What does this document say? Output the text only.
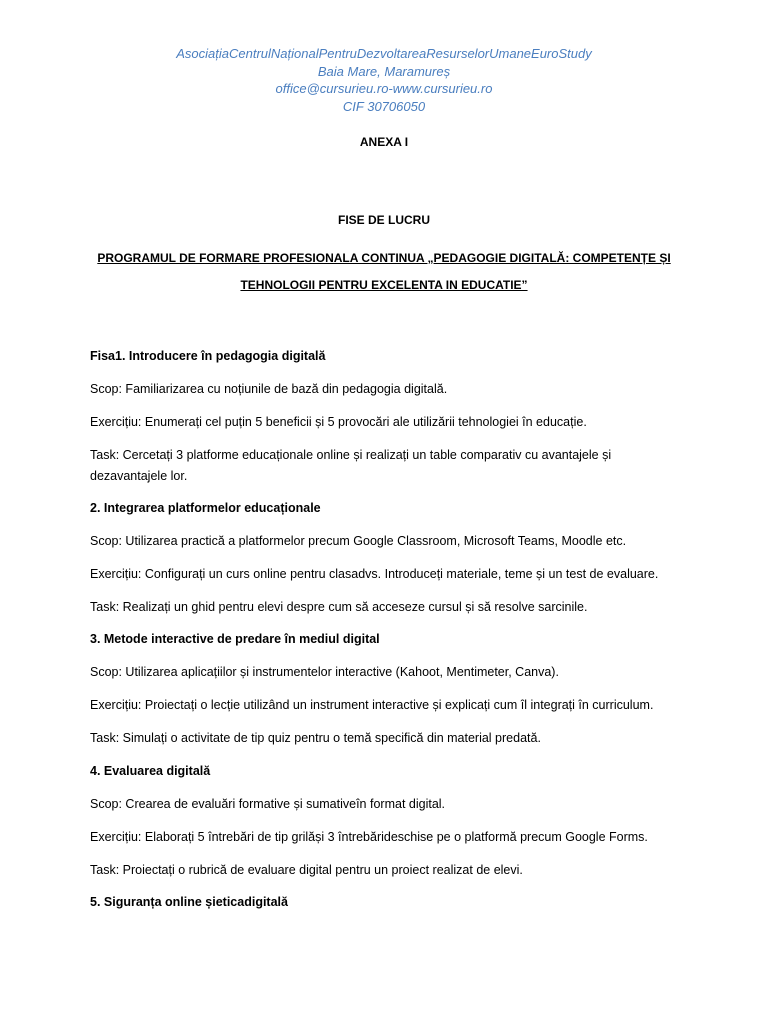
AsociațiaCentrulNaționalPentruDezvoltareaResurselorUmaneEuroStudy
Baia Mare, Maramureș
office@cursurieu.ro-www.cursurieu.ro
CIF 30706050
ANEXA I
FISE DE LUCRU
PROGRAMUL DE FORMARE PROFESIONALA CONTINUA „PEDAGOGIE DIGITALĂ: COMPETENȚE ȘI
TEHNOLOGII PENTRU EXCELENTA IN EDUCATIE”
Fisa1. Introducere în pedagogia digitală
Scop: Familiarizarea cu noțiunile de bază din pedagogia digitală.
Exercițiu: Enumerați cel puțin 5 beneficii și 5 provocări ale utilizării tehnologiei în educație.
Task: Cercetați 3 platforme educaționale online și realizați un table comparativ cu avantajele și dezavantajele lor.
2. Integrarea platformelor educaționale
Scop: Utilizarea practică a platformelor precum Google Classroom, Microsoft Teams, Moodle etc.
Exercițiu: Configurați un curs online pentru clasadvs. Introduceți materiale, teme și un test de evaluare.
Task: Realizați un ghid pentru elevi despre cum să acceseze cursul și să resolve sarcinile.
3. Metode interactive de predare în mediul digital
Scop: Utilizarea aplicațiilor și instrumentelor interactive (Kahoot, Mentimeter, Canva).
Exercițiu: Proiectați o lecție utilizând un instrument interactive și explicați cum îl integrați în curriculum.
Task: Simulați o activitate de tip quiz pentru o temă specifică din material predată.
4. Evaluarea digitală
Scop: Crearea de evaluări formative și sumativeîn format digital.
Exercițiu: Elaborați 5 întrebări de tip grilăși 3 întrebărideschise pe o platformă precum Google Forms.
Task: Proiectați o rubrică de evaluare digital pentru un proiect realizat de elevi.
5. Siguranța online șieticadigitală
